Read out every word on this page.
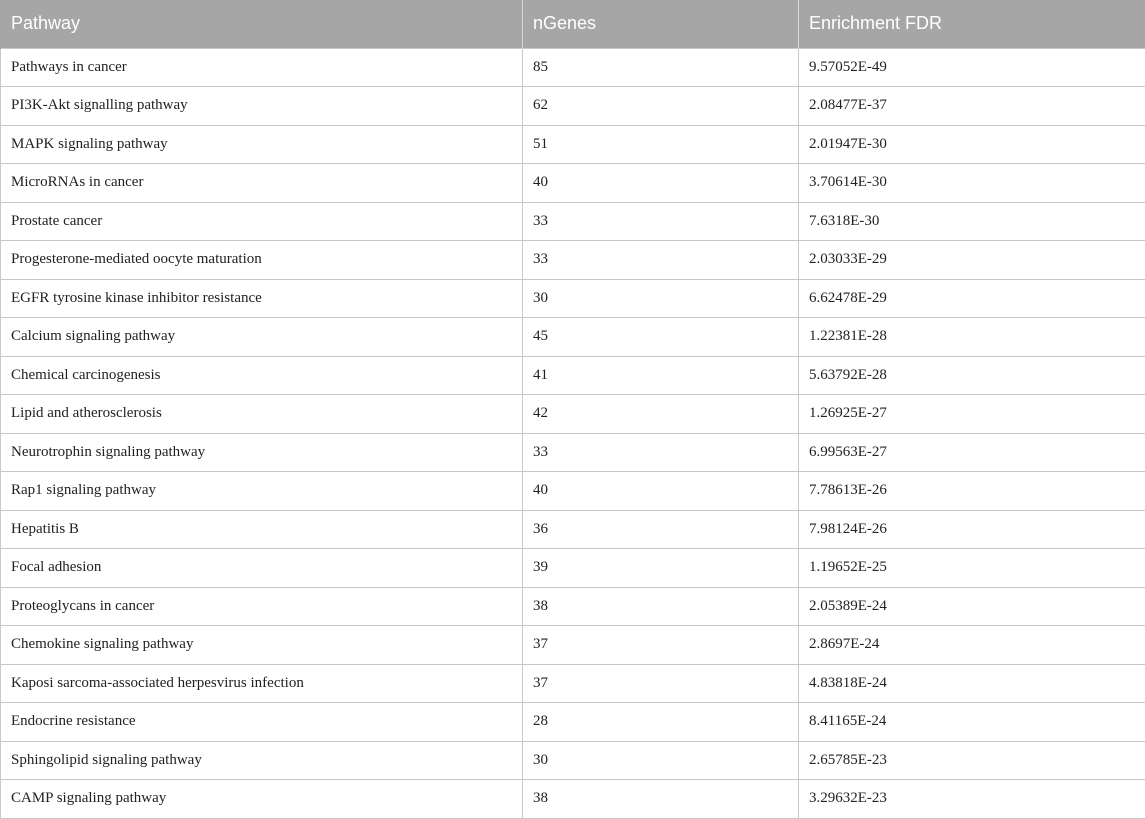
Pathway	nGenes	Enrichment FDR
Pathways in cancer	85	9.57052E-49
PI3K-Akt signalling pathway	62	2.08477E-37
MAPK signaling pathway	51	2.01947E-30
MicroRNAs in cancer	40	3.70614E-30
Prostate cancer	33	7.6318E-30
Progesterone-mediated oocyte maturation	33	2.03033E-29
EGFR tyrosine kinase inhibitor resistance	30	6.62478E-29
Calcium signaling pathway	45	1.22381E-28
Chemical carcinogenesis	41	5.63792E-28
Lipid and atherosclerosis	42	1.26925E-27
Neurotrophin signaling pathway	33	6.99563E-27
Rap1 signaling pathway	40	7.78613E-26
Hepatitis B	36	7.98124E-26
Focal adhesion	39	1.19652E-25
Proteoglycans in cancer	38	2.05389E-24
Chemokine signaling pathway	37	2.8697E-24
Kaposi sarcoma-associated herpesvirus infection	37	4.83818E-24
Endocrine resistance	28	8.41165E-24
Sphingolipid signaling pathway	30	2.65785E-23
CAMP signaling pathway	38	3.29632E-23
